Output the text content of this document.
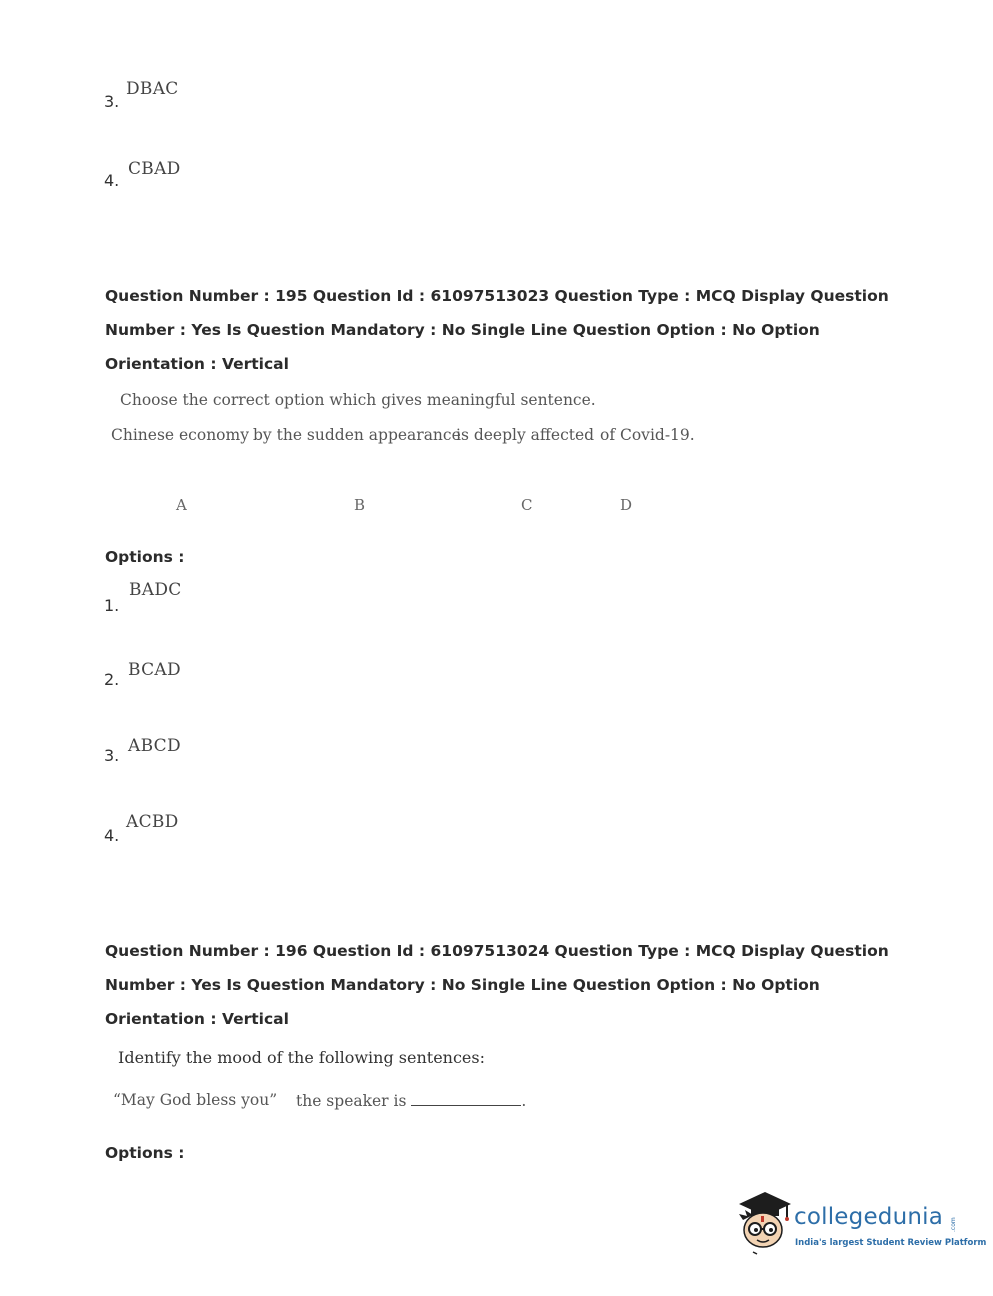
3.
DBAC
4.
CBAD
Question Number : 195 Question Id : 61097513023 Question Type : MCQ Display Question Number : Yes Is Question Mandatory : No Single Line Question Option : No Option Orientation : Vertical
Choose the correct option which gives meaningful sentence.
Chinese economy by the sudden appearance
is deeply affected of Covid-19.
A	B	C	D
Options :
1.
BADC
2. BCAD
3. ABCD
4.
ACBD
Question Number : 196 Question Id : 61097513024 Question Type : MCQ Display Question Number : Yes Is Question Mandatory : No Single Line Question Option : No Option Orientation : Vertical
Identify the mood of the following sentences:
“May God bless you” the speaker is	.
Options :
collegedunia .com
India's largest Student Review Platform
